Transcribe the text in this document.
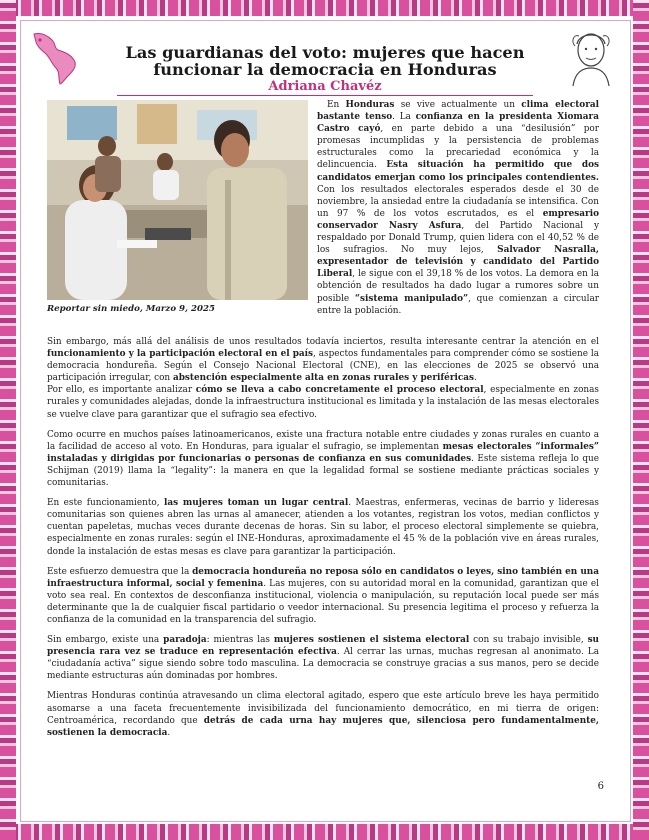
Las guardianas del voto: mujeres que hacen
funcionar la democracia en Honduras
Adriana Chavéz
Reportar sin miedo, Marzo 9, 2025

En Honduras se vive actualmente un clima electoral bastante tenso. La confianza en la presidenta Xiomara Castro cayó, en parte debido a una “desilusión” por promesas incumplidas y la persistencia de problemas estructurales como la precariedad económica y la delincuencia. Esta situación ha permitido que dos candidatos emerjan como los principales contendientes. Con los resultados electorales esperados desde el 30 de noviembre, la ansiedad entre la ciudadanía se intensifica. Con un 97 % de los votos escrutados, es el empresario conservador Nasry Asfura, del Partido Nacional y respaldado por Donald Trump, quien lidera con el 40,52 % de los sufragios. No muy lejos, Salvador Nasralla, expresentador de televisión y candidato del Partido Liberal, le sigue con el 39,18 % de los votos. La demora en la obtención de resultados ha dado lugar a rumores sobre un posible “sistema manipulado”, que comienzan a circular entre la población.

Sin embargo, más allá del análisis de unos resultados todavía inciertos, resulta interesante centrar la atención en el funcionamiento y la participación electoral en el país, aspectos fundamentales para comprender cómo se sostiene la democracia hondureña. Según el Consejo Nacional Electoral (CNE), en las elecciones de 2025 se observó una participación irregular, con abstención especialmente alta en zonas rurales y periféricas.

Por ello, es importante analizar cómo se lleva a cabo concretamente el proceso electoral, especialmente en zonas rurales y comunidades alejadas, donde la infraestructura institucional es limitada y la instalación de las mesas electorales se vuelve clave para garantizar que el sufragio sea efectivo.

Como ocurre en muchos países latinoamericanos, existe una fractura notable entre ciudades y zonas rurales en cuanto a la facilidad de acceso al voto. En Honduras, para igualar el sufragio, se implementan mesas electorales “informales” instaladas y dirigidas por funcionarias o personas de confianza en sus comunidades. Este sistema refleja lo que Schijman (2019) llama la “legality”: la manera en que la legalidad formal se sostiene mediante prácticas sociales y comunitarias.

En este funcionamiento, las mujeres toman un lugar central. Maestras, enfermeras, vecinas de barrio y lideresas comunitarias son quienes abren las urnas al amanecer, atienden a los votantes, registran los votos, median conflictos y cuentan papeletas, muchas veces durante decenas de horas. Sin su labor, el proceso electoral simplemente se quiebra, especialmente en zonas rurales: según el INE-Honduras, aproximadamente el 45 % de la población vive en áreas rurales, donde la instalación de estas mesas es clave para garantizar la participación.

Este esfuerzo demuestra que la democracia hondureña no reposa sólo en candidatos o leyes, sino también en una infraestructura informal, social y femenina. Las mujeres, con su autoridad moral en la comunidad, garantizan que el voto sea real. En contextos de desconfianza institucional, violencia o manipulación, su reputación local puede ser más determinante que la de cualquier fiscal partidario o veedor internacional. Su presencia legitima el proceso y refuerza la confianza de la comunidad en la transparencia del sufragio.

Sin embargo, existe una paradoja: mientras las mujeres sostienen el sistema electoral con su trabajo invisible, su presencia rara vez se traduce en representación efectiva. Al cerrar las urnas, muchas regresan al anonimato. La “ciudadanía activa” sigue siendo sobre todo masculina. La democracia se construye gracias a sus manos, pero se decide mediante estructuras aún dominadas por hombres.

Mientras Honduras continúa atravesando un clima electoral agitado, espero que este artículo breve les haya permitido asomarse a una faceta frecuentemente invisibilizada del funcionamiento democrático, en mi tierra de origen: Centroamérica, recordando que detrás de cada urna hay mujeres que, silenciosa pero fundamentalmente, sostienen la democracia.

6
